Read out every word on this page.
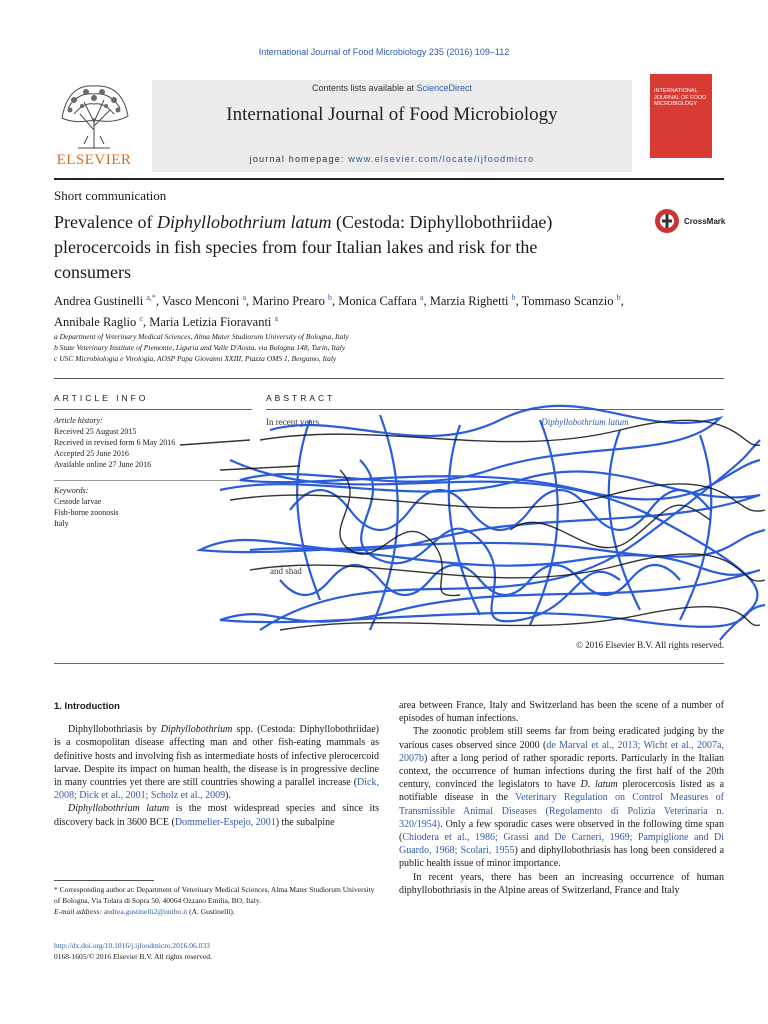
International Journal of Food Microbiology 235 (2016) 109–112
ELSEVIER
Contents lists available at ScienceDirect
International Journal of Food Microbiology
journal homepage: www.elsevier.com/locate/ijfoodmicro
INTERNATIONAL JOURNAL OF FOOD MICROBIOLOGY
Short communication
Prevalence of Diphyllobothrium latum (Cestoda: Diphyllobothriidae) plerocercoids in fish species from four Italian lakes and risk for the consumers
CrossMark
Andrea Gustinelli $^{a,*}$, Vasco Menconi $^a$, Marino Prearo $^b$, Monica Caffara $^a$, Marzia Righetti $^b$, Tommaso Scanzio $^b$,
Annibale Raglio $^c$, Maria Letizia Fioravanti $^a$
a Department of Veterinary Medical Sciences, Alma Mater Studiorum University of Bologna, Italy
b State Veterinary Institute of Piemonte, Liguria and Valle D'Aosta, via Bologna 148, Turin, Italy
c USC Microbiologia e Virologia, AOSP Papa Giovanni XXIII, Piazza OMS 1, Bergamo, Italy
ARTICLE INFO	ABSTRACT
Article history:
Received 25 August 2015
Received in revised form 6 May 2016
Accepted 25 June 2016
Available online 27 June 2016
Keywords:
Cestode larvae
Fish-borne zoonosis
Italy
In recent years	Diphyllobothrium latum

and shad
© 2016 Elsevier B.V. All rights reserved.
1. Introduction

Diphyllobothriasis by Diphyllobothrium spp. (Cestoda: Diphyllobothriidae) is a cosmopolitan disease affecting man and other fish-eating mammals as definitive hosts and involving fish as intermediate hosts of infective plerocercoid larvae. Despite its impact on human health, the disease is in progressive decline in many countries yet there are still countries showing a parallel increase (Dick, 2008; Dick et al., 2001; Scholz et al., 2009).

Diphyllobothrium latum is the most widespread species and since its discovery back in 3600 BCE (Dommelier-Espejo, 2001) the subalpine

area between France, Italy and Switzerland has been the scene of a number of episodes of human infections.

The zoonotic problem still seems far from being eradicated judging by the various cases observed since 2000 (de Marval et al., 2013; Wicht et al., 2007a, 2007b) after a long period of rather sporadic reports. Particularly in the Italian context, the occurrence of human infections during the first half of the 20th century, convinced the legislators to have D. latum plerocercosis listed as a notifiable disease in the Veterinary Regulation on Control Measures of Transmissible Animal Diseases (Regolamento di Polizia Veterinaria n. 320/1954). Only a few sporadic cases were observed in the following time span (Chiodera et al., 1986; Grassi and De Carneri, 1969; Pampiglione and Di Guardo, 1968; Scolari, 1955) and diphyllobothriasis has long been considered a public health issue of minor importance.

In recent years, there has been an increasing occurrence of human diphyllobothriasis in the Alpine areas of Switzerland, France and Italy

* Corresponding author at: Department of Veterinary Medical Sciences, Alma Mater Studiorum University of Bologna, Via Tolara di Sopra 50, 40064 Ozzano Emilia, BO, Italy.
E-mail address: andrea.gustinelli2@unibo.it (A. Gustinelli).
http://dx.doi.org/10.1016/j.ijfoodmicro.2016.06.033
0168-1605/© 2016 Elsevier B.V. All rights reserved.
